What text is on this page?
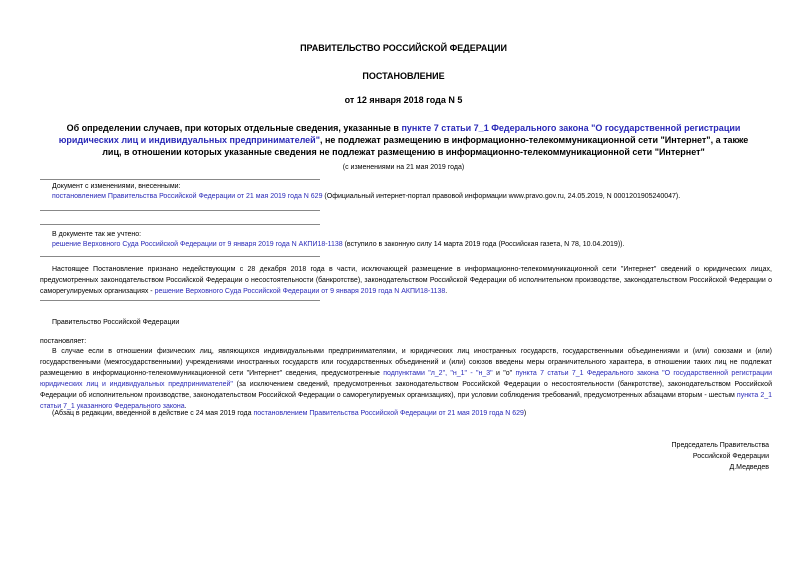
ПРАВИТЕЛЬСТВО РОССИЙСКОЙ ФЕДЕРАЦИИ
ПОСТАНОВЛЕНИЕ
от 12 января 2018 года N 5
Об определении случаев, при которых отдельные сведения, указанные в пункте 7 статьи 7_1 Федерального закона "О государственной регистрации юридических лиц и индивидуальных предпринимателей", не подлежат размещению в информационно-телекоммуникационной сети "Интернет", а также лиц, в отношении которых указанные сведения не подлежат размещению в информационно-телекоммуникационной сети "Интернет"
(с изменениями на 21 мая 2019 года)
Документ с изменениями, внесенными:
постановлением Правительства Российской Федерации от 21 мая 2019 года N 629 (Официальный интернет-портал правовой информации www.pravo.gov.ru, 24.05.2019, N 0001201905240047).
В документе так же учтено:
решение Верховного Суда Российской Федерации от 9 января 2019 года N АКПИ18-1138 (вступило в законную силу 14 марта 2019 года (Российская газета, N 78, 10.04.2019)).
Настоящее Постановление признано недействующим с 28 декабря 2018 года в части, исключающей размещение в информационно-телекоммуникационной сети "Интернет" сведений о юридических лицах, предусмотренных законодательством Российской Федерации о несостоятельности (банкротстве), законодательством Российской Федерации об исполнительном производстве, законодательством Российской Федерации о саморегулируемых организациях - решение Верховного Суда Российской Федерации от 9 января 2019 года N АКПИ18-1138.
Правительство Российской Федерации
постановляет:
В случае если в отношении физических лиц, являющихся индивидуальными предпринимателями, и юридических лиц иностранных государств, государственными объединениями и (или) союзами и (или) государственными (межгосударственными) учреждениями иностранных государств или государственных объединений и (или) союзов введены меры ограничительного характера, в отношении таких лиц не подлежат размещению в информационно-телекоммуникационной сети "Интернет" сведения, предусмотренные подпунктами "л_2", "н_1" - "н_3" и "о" пункта 7 статьи 7_1 Федерального закона "О государственной регистрации юридических лиц и индивидуальных предпринимателей" (за исключением сведений, предусмотренных законодательством Российской Федерации о несостоятельности (банкротстве), законодательством Российской Федерации об исполнительном производстве, законодательством Российской Федерации о саморегулируемых организациях), при условии соблюдения требований, предусмотренных абзацами вторым - шестым пункта 2_1 статьи 7_1 указанного Федерального закона.
(Абзац в редакции, введенной в действие с 24 мая 2019 года постановлением Правительства Российской Федерации от 21 мая 2019 года N 629)
Председатель Правительства
Российской Федерации
Д.Медведев
